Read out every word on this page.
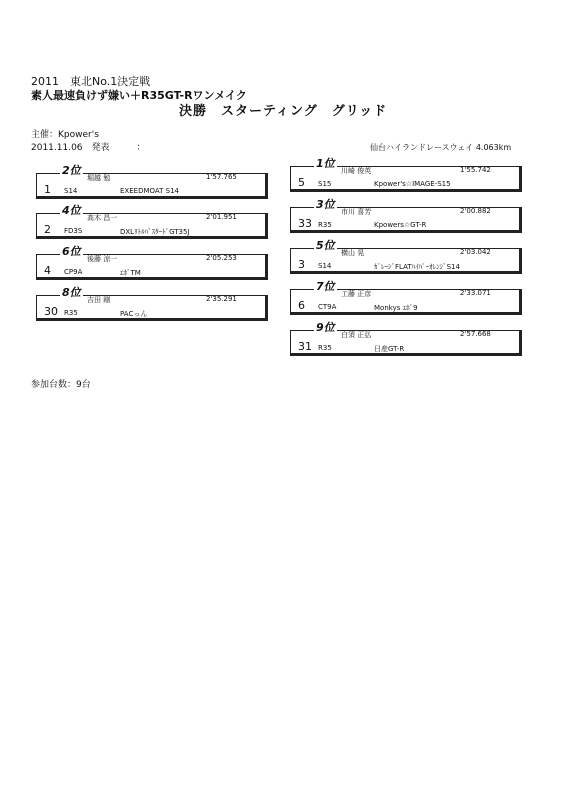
2011　東北No.1決定戦
素人最速負けず嫌い＋R35GT-Rワンメイク
決勝　スターティング　グリッド
主催：Kpower's
2011.11.06　発表　　　：	仙台ハイランドレースウェイ 4.063km
2位
堀越 勉
1 S14	EXEEDMOAT S14
1'57.765
4位
高木 昌一
2 FD3S	DXLﾘﾄﾙﾊﾞｽﾀｰﾄﾞGT35J
2'01.951
6位
後藤 涼一
4 CP9A	ｴﾎﾞTM
2'05.253
8位
吉田 剛
30 R35	PACっん
2'35.291
1位
川崎 俊英
5 S15	Kpower's☆IMAGE-S15
1'55.742
3位
市川 喜芳
33 R35	Kpowers☆GT-R
2'00.882
5位
横山 晃
3 S14	ｶﾞﾚｰｼﾞFLATﾊｲﾊﾟｰｵﾚﾝｼﾞS14
2'03.042
7位
工藤 正彦
6 CT9A	Monkys ｴﾎﾞ9
2'33.071
9位
白須 正弘
31 R35	日産GT-R
2'57.668
参加台数：9台
